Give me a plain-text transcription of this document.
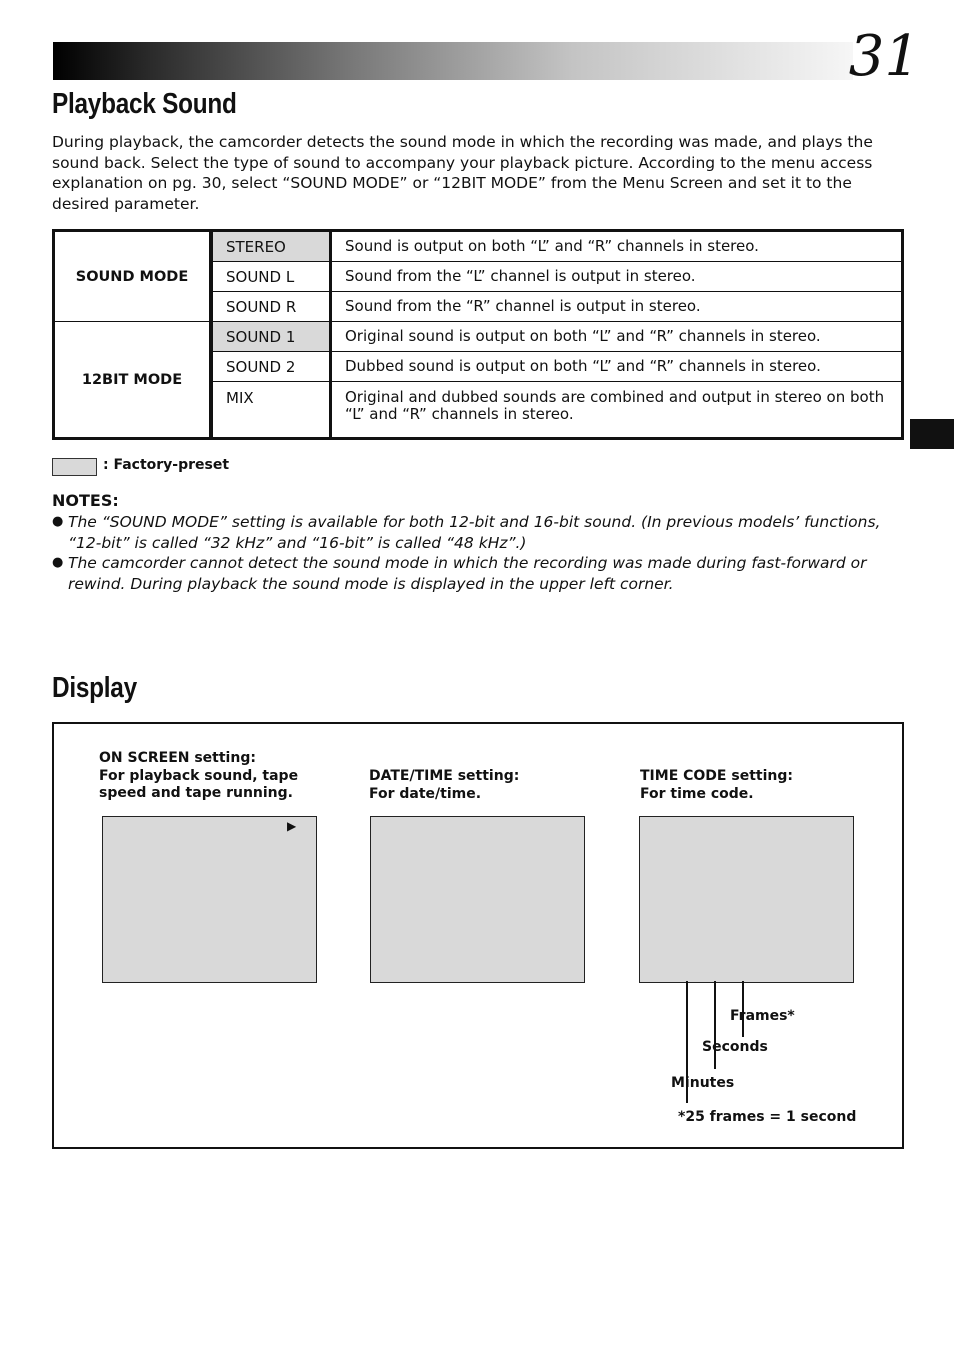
31
Playback Sound
During playback, the camcorder detects the sound mode in which the recording was made, and plays the sound back. Select the type of sound to accompany your playback picture. According to the menu access explanation on pg. 30, select “SOUND MODE” or “12BIT MODE” from the Menu Screen and set it to the desired parameter.
SOUND MODE	STEREO	Sound is output on both “L” and “R” channels in stereo.
	SOUND L	Sound from the “L” channel is output in stereo.
	SOUND R	Sound from the “R” channel is output in stereo.
12BIT MODE	SOUND 1	Original sound is output on both “L” and “R” channels in stereo.
	SOUND 2	Dubbed sound is output on both “L” and “R” channels in stereo.
	MIX	Original and dubbed sounds are combined and output in stereo on both “L” and “R” channels in stereo.
: Factory-preset
NOTES:
● The “SOUND MODE” setting is available for both 12-bit and 16-bit sound. (In previous models’ functions, “12-bit” is called “32 kHz” and “16-bit” is called “48 kHz”.)
● The camcorder cannot detect the sound mode in which the recording was made during fast-forward or rewind. During playback the sound mode is displayed in the upper left corner.
Display
ON SCREEN setting:
For playback sound, tape
speed and tape running.
DATE/TIME setting:
For date/time.
TIME CODE setting:
For time code.
▶
Frames*
Seconds
Minutes
*25 frames = 1 second
